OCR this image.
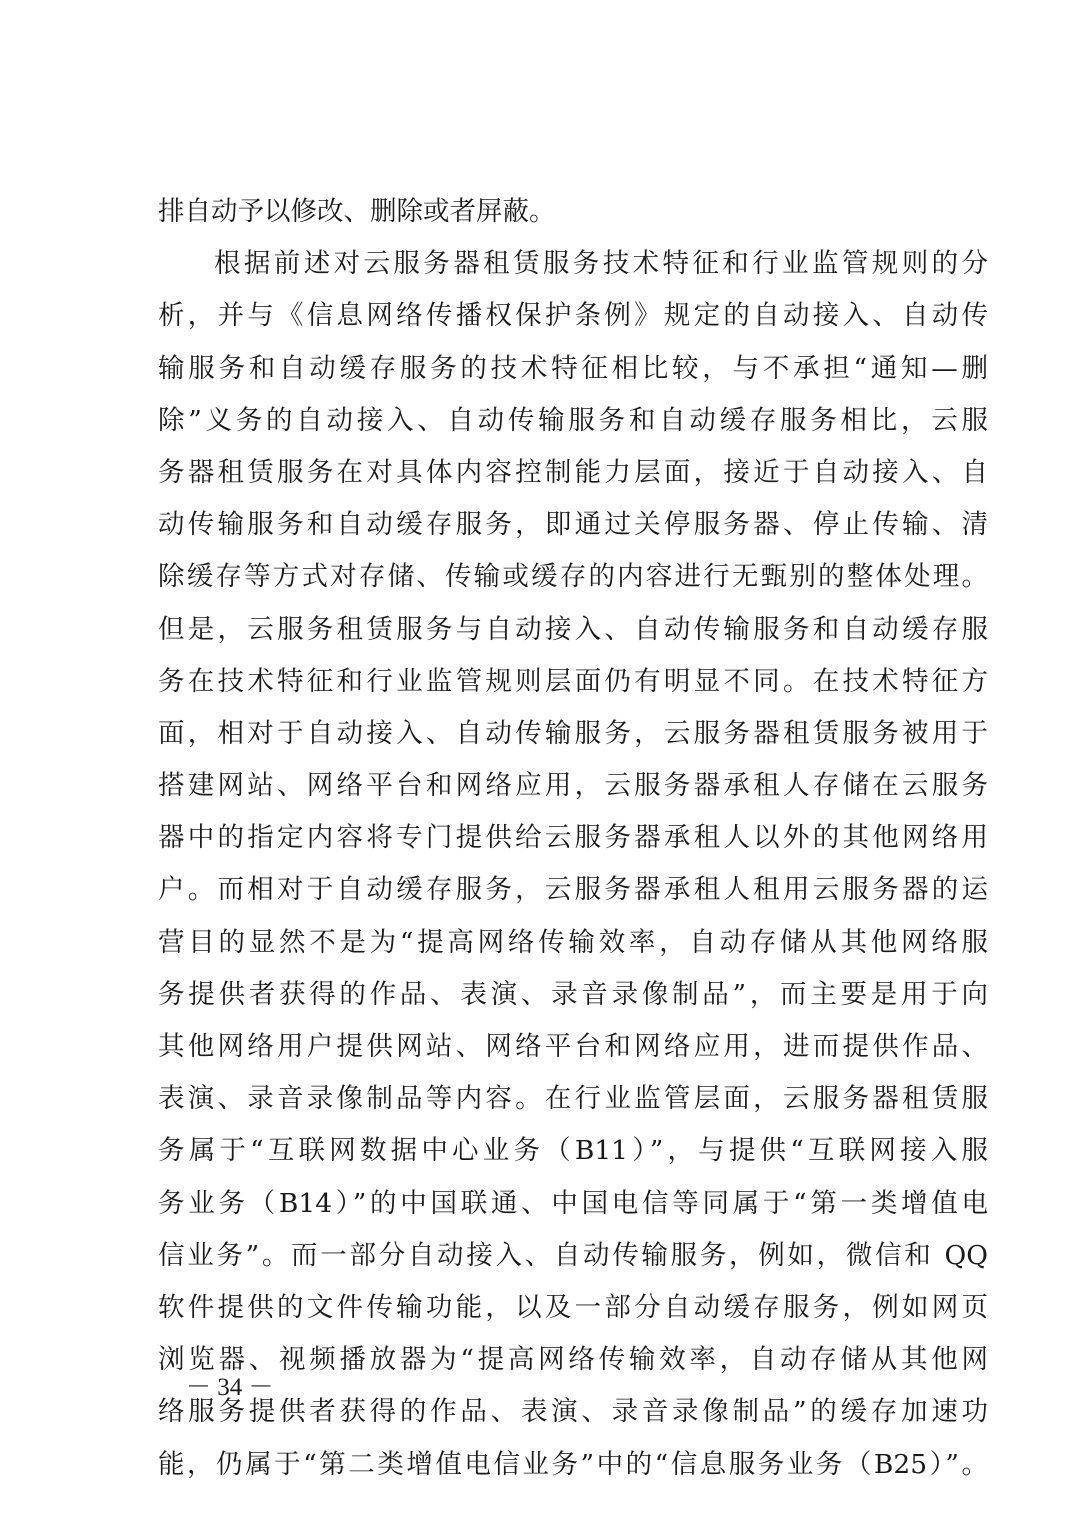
排自动予以修改、删除或者屏蔽。
根据前述对云服务器租赁服务技术特征和行业监管规则的分
析，并与《信息网络传播权保护条例》规定的自动接入、自动传
输服务和自动缓存服务的技术特征相比较，与不承担“通知—删
除”义务的自动接入、自动传输服务和自动缓存服务相比，云服
务器租赁服务在对具体内容控制能力层面，接近于自动接入、自
动传输服务和自动缓存服务，即通过关停服务器、停止传输、清
除缓存等方式对存储、传输或缓存的内容进行无甄别的整体处理。
但是，云服务租赁服务与自动接入、自动传输服务和自动缓存服
务在技术特征和行业监管规则层面仍有明显不同。在技术特征方
面，相对于自动接入、自动传输服务，云服务器租赁服务被用于
搭建网站、网络平台和网络应用，云服务器承租人存储在云服务
器中的指定内容将专门提供给云服务器承租人以外的其他网络用
户。而相对于自动缓存服务，云服务器承租人租用云服务器的运
营目的显然不是为“提高网络传输效率，自动存储从其他网络服
务提供者获得的作品、表演、录音录像制品”，而主要是用于向
其他网络用户提供网站、网络平台和网络应用，进而提供作品、
表演、录音录像制品等内容。在行业监管层面，云服务器租赁服
务属于“互联网数据中心业务（B11）”，与提供“互联网接入服
务业务（B14）”的中国联通、中国电信等同属于“第一类增值电
信业务”。而一部分自动接入、自动传输服务，例如，微信和 QQ
软件提供的文件传输功能，以及一部分自动缓存服务，例如网页
浏览器、视频播放器为“提高网络传输效率，自动存储从其他网
络服务提供者获得的作品、表演、录音录像制品”的缓存加速功
能，仍属于“第二类增值电信业务”中的“信息服务业务（B25）”。
－ 34 －
